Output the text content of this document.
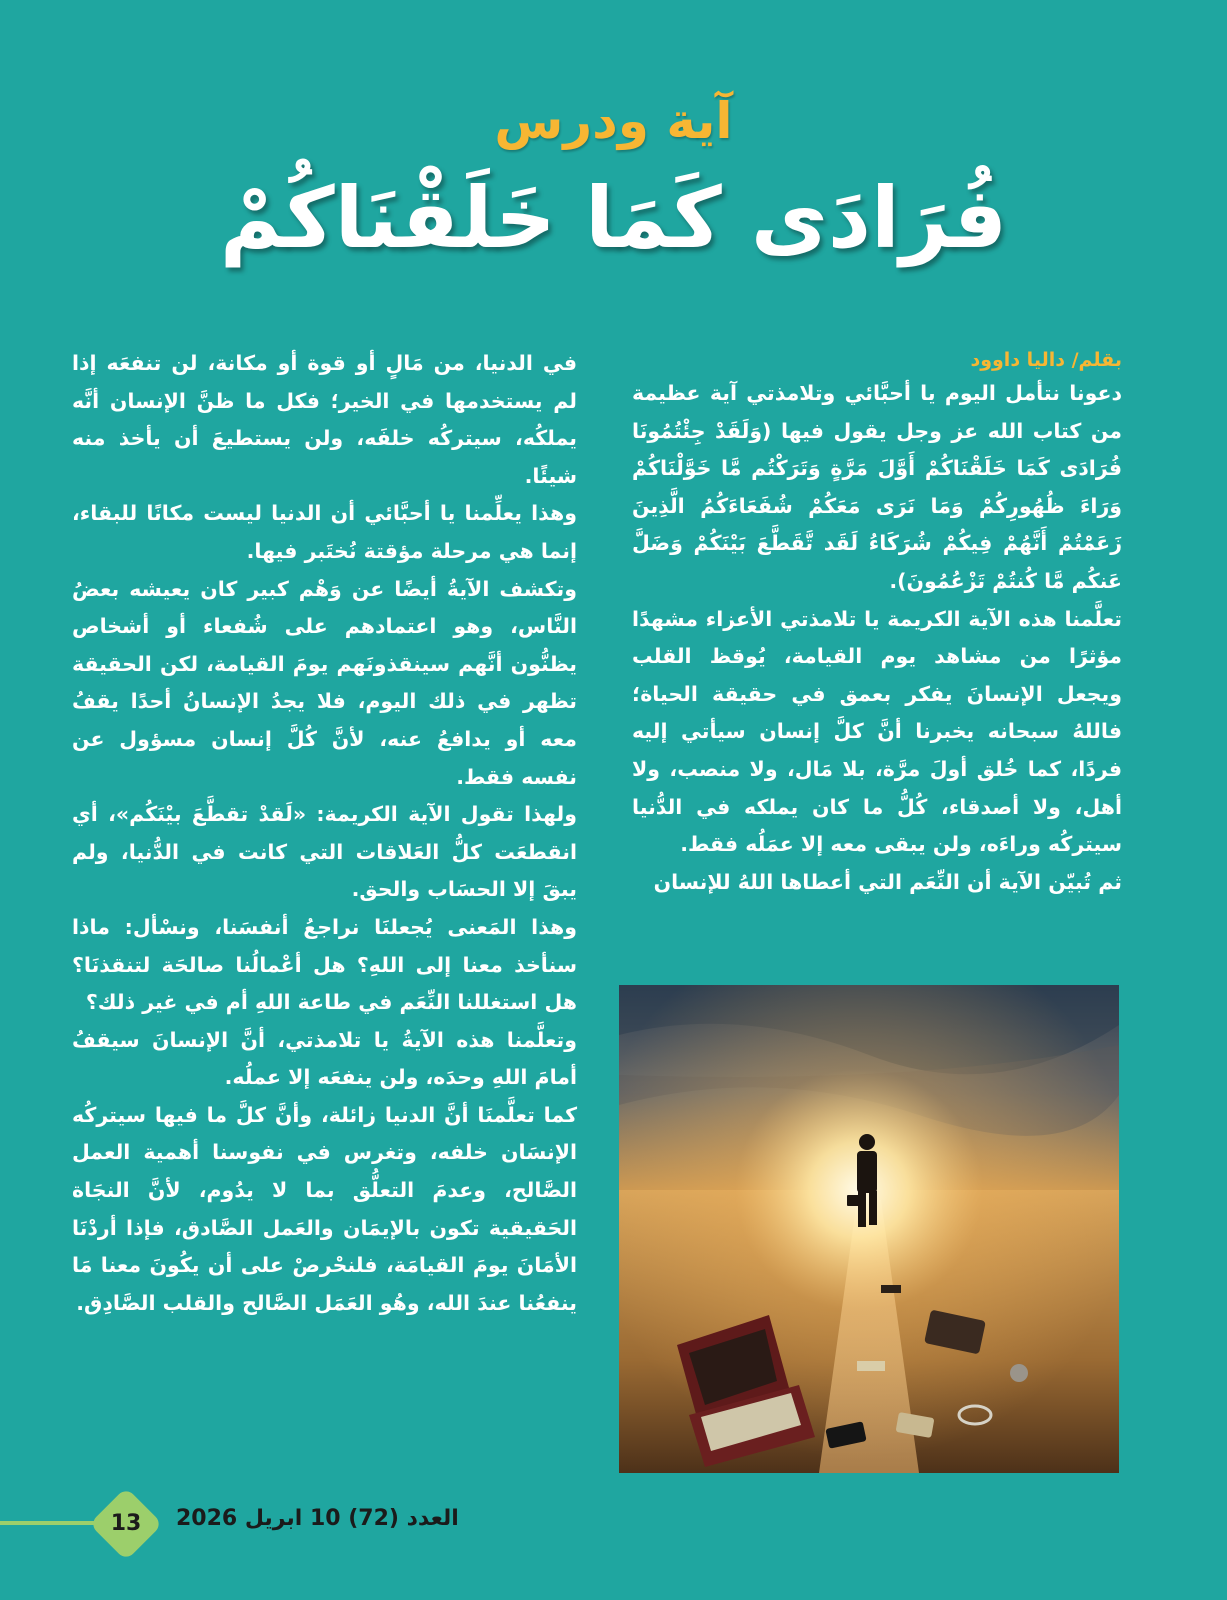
آية ودرس
فُرَادَى كَمَا خَلَقْنَاكُمْ

بقلم/ داليا داوود

دعونا نتأمل اليوم يا أحبَّائي وتلامذتي آية عظيمة من كتاب الله عز وجل يقول فيها (وَلَقَدْ جِئْتُمُونَا فُرَادَى كَمَا خَلَقْنَاكُمْ أَوَّلَ مَرَّةٍ وَتَرَكْتُم مَّا خَوَّلْنَاكُمْ وَرَاءَ ظُهُورِكُمْ وَمَا نَرَى مَعَكُمْ شُفَعَاءَكُمُ الَّذِينَ زَعَمْتُمْ أَنَّهُمْ فِيكُمْ شُرَكَاءُ لَقَد تَّقَطَّعَ بَيْنَكُمْ وَضَلَّ عَنكُم مَّا كُنتُمْ تَزْعُمُونَ).

تعلَّمنا هذه الآية الكريمة يا تلامذتي الأعزاء مشهدًا مؤثرًا من مشاهد يوم القيامة، يُوقظ القلب ويجعل الإنسانَ يفكر بعمق في حقيقة الحياة؛ فاللهُ سبحانه يخبرنا أنَّ كلَّ إنسان سيأتي إليه فردًا، كما خُلق أولَ مرَّة، بلا مَال، ولا منصب، ولا أهل، ولا أصدقاء، كُلُّ ما كان يملكه في الدُّنيا سيتركُه وراءَه، ولن يبقى معه إلا عمَلُه فقط.

ثم تُبيّن الآية أن النِّعَم التي أعطاها اللهُ للإنسان

في الدنيا، من مَالٍ أو قوة أو مكانة، لن تنفعَه إذا لم يستخدمها في الخير؛ فكل ما ظنَّ الإنسان أنَّه يملكُه، سيتركُه خلفَه، ولن يستطيعَ أن يأخذ منه شيئًا.

وهذا يعلِّمنا يا أحبَّائي أن الدنيا ليست مكانًا للبقاء، إنما هي مرحلة مؤقتة نُختَبر فيها.

وتكشف الآيةُ أيضًا عن وَهْم كبير كان يعيشه بعضُ النَّاس، وهو اعتمادهم على شُفعاء أو أشخاص يظنُّون أنَّهم سينقذونَهم يومَ القيامة، لكن الحقيقة تظهر في ذلك اليوم، فلا يجدُ الإنسانُ أحدًا يقفُ معه أو يدافعُ عنه، لأنَّ كُلَّ إنسان مسؤول عن نفسه فقط.

ولهذا تقول الآية الكريمة: «لَقدْ تقطَّعَ بيْنَكُم»، أي انقطعَت كلُّ العَلاقات التي كانت في الدُّنيا، ولم يبقَ إلا الحسَاب والحق.

وهذا المَعنى يُجعلنَا نراجعُ أنفسَنا، ونسْأل: ماذا سنأخذ معنا إلى اللهِ؟ هل أعْمالُنا صالحَة لتنقذنَا؟ هل استغللنا النِّعَم في طاعة اللهِ أم في غير ذلك؟

وتعلَّمنا هذه الآيةُ يا تلامذتي، أنَّ الإنسانَ سيقفُ أمامَ اللهِ وحدَه، ولن ينفعَه إلا عملُه.

كما تعلَّمنَا أنَّ الدنيا زائلة، وأنَّ كلَّ ما فيها سيتركُه الإنسَان خلفه، وتغرس في نفوسنا أهمية العمل الصَّالح، وعدمَ التعلُّق بما لا يدُوم، لأنَّ النجَاة الحَقيقية تكون بالإيمَان والعَمل الصَّادق، فإذا أردْنَا الأمَانَ يومَ القيامَة، فلنحْرصْ على أن يكُونَ معنا مَا ينفعُنا عندَ الله، وهُو العَمَل الصَّالح والقلب الصَّادِق.

13	العدد (72) 10 ابريل 2026
